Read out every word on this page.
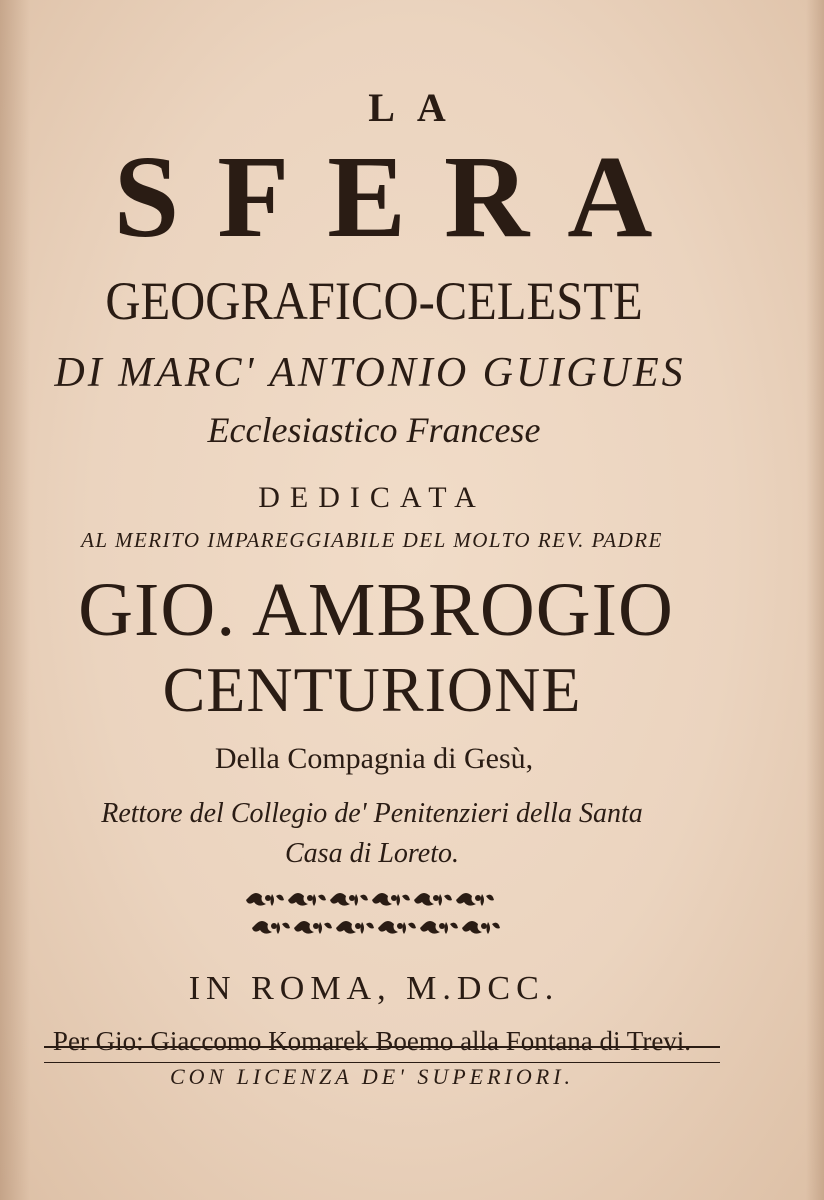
LA
SFERA
GEOGRAFICO-CELESTE
DI MARC' ANTONIO GUIGUES
Ecclesiastico Francese
DEDICATA
AL MERITO IMPAREGGIABILE DEL MOLTO REV. PADRE
GIO. AMBROGIO
CENTURIONE
Della Compagnia di Gesù,
Rettore del Collegio de' Penitenzieri della Santa
Casa di Loreto.
IN ROMA, M.DCC.
Per Gio: Giaccomo Komarek Boemo alla Fontana di Trevi.
CON LICENZA DE' SUPERIORI.
